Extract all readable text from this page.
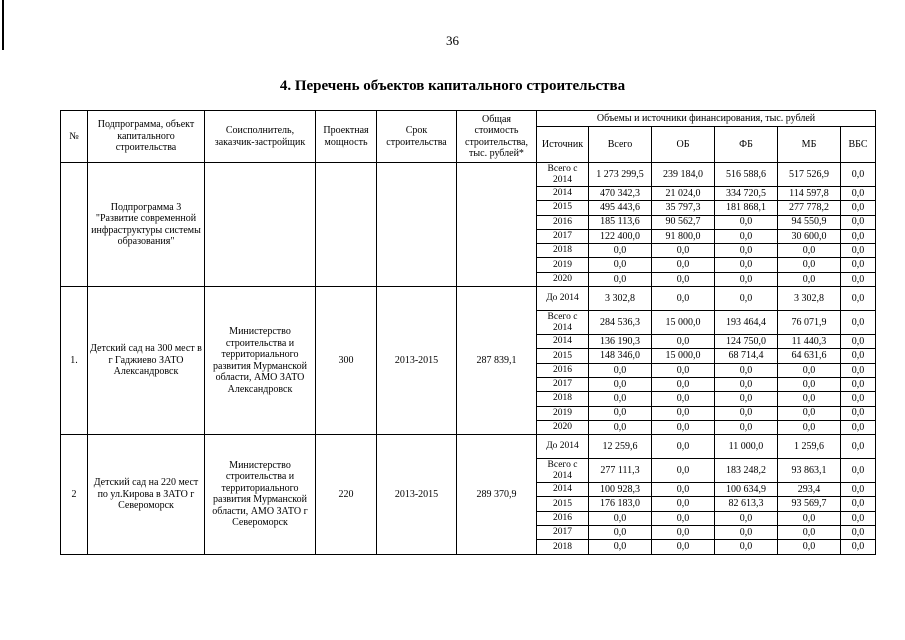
36
4. Перечень объектов капитального строительства
№	Подпрограмма, объект капитального строительства	Соисполнитель, заказчик-застройщик	Проектная мощность	Срок строительства	Общая стоимость строительства, тыс. рублей*	Объемы и источники финансирования, тыс. рублей					
						Источник	Всего	ОБ	ФБ	МБ	ВБС
	Подпрограмма 3 "Развитие современной инфраструктуры системы образования"					Всего с 2014	1 273 299,5	239 184,0	516 588,6	517 526,9	0,0
						2014	470 342,3	21 024,0	334 720,5	114 597,8	0,0
						2015	495 443,6	35 797,3	181 868,1	277 778,2	0,0
						2016	185 113,6	90 562,7	0,0	94 550,9	0,0
						2017	122 400,0	91 800,0	0,0	30 600,0	0,0
						2018	0,0	0,0	0,0	0,0	0,0
						2019	0,0	0,0	0,0	0,0	0,0
						2020	0,0	0,0	0,0	0,0	0,0
1.	Детский сад на 300 мест в г Гаджиево ЗАТО Александровск	Министерство строительства и территориального развития Мурманской области, АМО ЗАТО Александровск	300	2013-2015	287 839,1	До 2014	3 302,8	0,0	0,0	3 302,8	0,0
						Всего с 2014	284 536,3	15 000,0	193 464,4	76 071,9	0,0
						2014	136 190,3	0,0	124 750,0	11 440,3	0,0
						2015	148 346,0	15 000,0	68 714,4	64 631,6	0,0
						2016	0,0	0,0	0,0	0,0	0,0
						2017	0,0	0,0	0,0	0,0	0,0
						2018	0,0	0,0	0,0	0,0	0,0
						2019	0,0	0,0	0,0	0,0	0,0
						2020	0,0	0,0	0,0	0,0	0,0
2	Детский сад на 220 мест по ул.Кирова в ЗАТО г Североморск	Министерство строительства и территориального развития Мурманской области, АМО ЗАТО г Североморск	220	2013-2015	289 370,9	До 2014	12 259,6	0,0	11 000,0	1 259,6	0,0
						Всего с 2014	277 111,3	0,0	183 248,2	93 863,1	0,0
						2014	100 928,3	0,0	100 634,9	293,4	0,0
						2015	176 183,0	0,0	82 613,3	93 569,7	0,0
						2016	0,0	0,0	0,0	0,0	0,0
						2017	0,0	0,0	0,0	0,0	0,0
						2018	0,0	0,0	0,0	0,0	0,0
